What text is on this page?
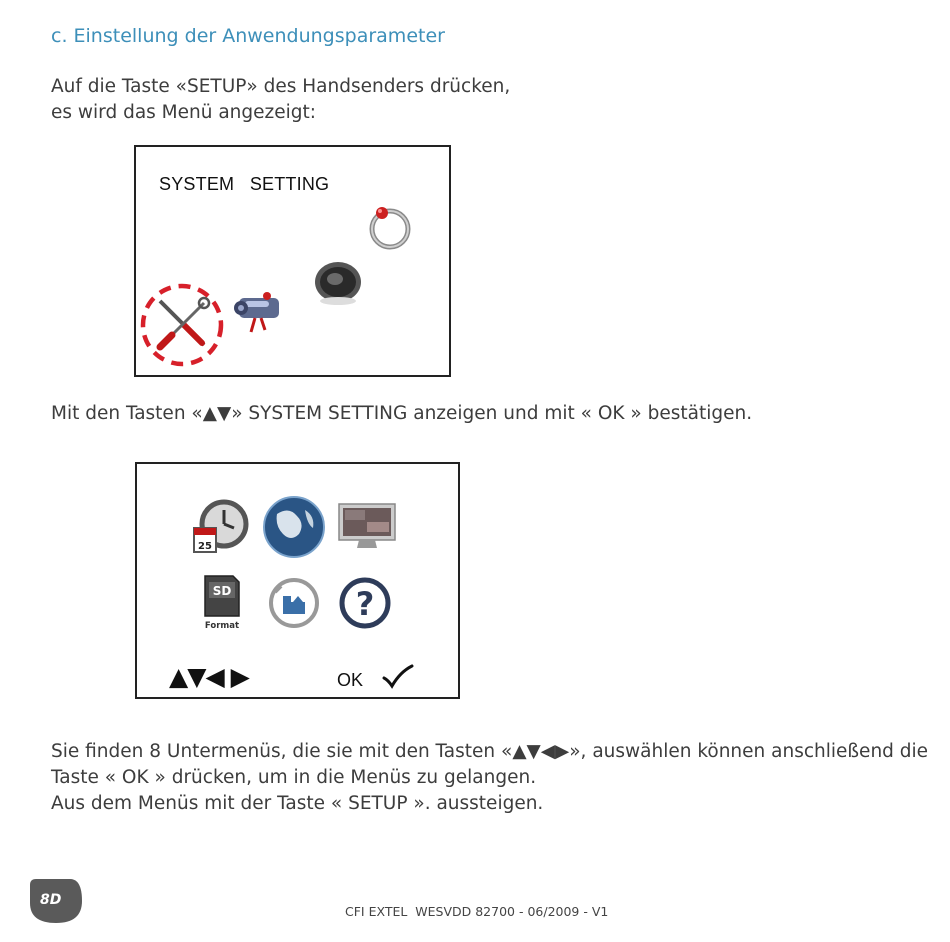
c. Einstellung der Anwendungsparameter
Auf die Taste «SETUP» des Handsenders drücken,
es wird das Menü angezeigt:
SYSTEM   SETTING
Mit den Tasten «▲▼» SYSTEM SETTING anzeigen und mit « OK » bestätigen.
25
SD
Format
?
▲▼◀ ▶	OK
Sie finden 8 Untermenüs, die sie mit den Tasten «▲▼◀▶», auswählen können anschließend die
Taste « OK » drücken, um in die Menüs zu gelangen.
Aus dem Menüs mit der Taste « SETUP ». aussteigen.
8D
CFI EXTEL  WESVDD 82700 - 06/2009 - V1
